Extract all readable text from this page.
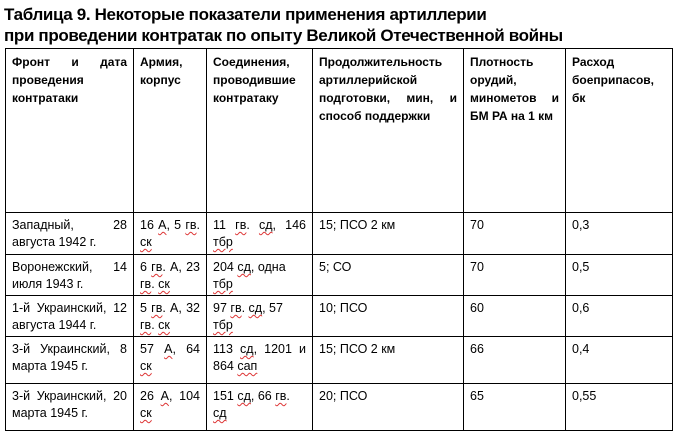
Таблица 9. Некоторые показатели применения артиллерии
при проведении контратак по опыту Великой Отечественной войны
Фронт и дата проведения контратаки	Армия, корпус	Соединения, проводившие контратаку	Продолжительность артиллерийской подготовки, мин, и способ поддержки	Плотность орудий, минометов и БМ РА на 1 км	Расход боеприпасов, бк
Западный, 28 августа 1942 г.	16 А, 5 гв. ск	11 гв. сд, 146 тбр	15; ПСО 2 км	70	0,3
Воронежский, 14 июля 1943 г.	6 гв. А, 23 гв. ск	204 сд, одна тбр	5; СО	70	0,5
1-й Украинский, 12 августа 1944 г.	5 гв. А, 32 гв. ск	97 гв. сд, 57 тбр	10; ПСО	60	0,6
3-й Украинский, 8 марта 1945 г.	57 А, 64 ск	113 сд, 1201 и 864 сап	15; ПСО 2 км	66	0,4
3-й Украинский, 20 марта 1945 г.	26 А, 104 ск	151 сд, 66 гв. сд	20; ПСО	65	0,55
